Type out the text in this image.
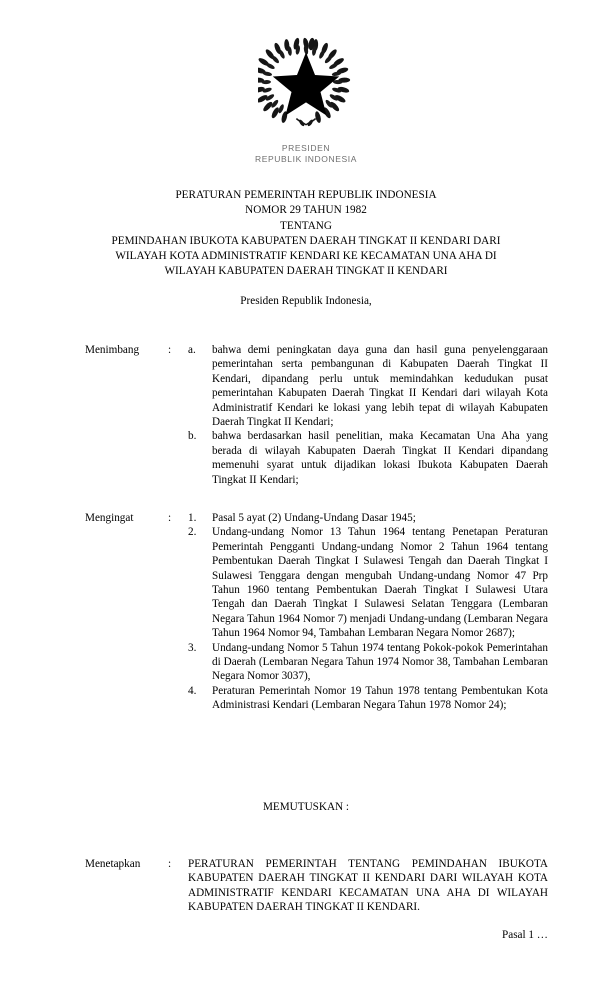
PRESIDEN
REPUBLIK INDONESIA
PERATURAN PEMERINTAH REPUBLIK INDONESIA
NOMOR 29 TAHUN 1982
TENTANG
PEMINDAHAN IBUKOTA KABUPATEN DAERAH TINGKAT II KENDARI DARI
WILAYAH KOTA ADMINISTRATIF KENDARI KE KECAMATAN UNA AHA DI
WILAYAH KABUPATEN DAERAH TINGKAT II KENDARI
Presiden Republik Indonesia,
Menimbang	:	a.	bahwa demi peningkatan daya guna dan hasil guna penyelenggaraan pemerintahan serta pembangunan di Kabupaten Daerah Tingkat II Kendari, dipandang perlu untuk memindahkan kedudukan pusat pemerintahan Kabupaten Daerah Tingkat II Kendari dari wilayah Kota Administratif Kendari ke lokasi yang lebih tepat di wilayah Kabupaten Daerah Tingkat II Kendari;
b.	bahwa berdasarkan hasil penelitian, maka Kecamatan Una Aha yang berada di wilayah Kabupaten Daerah Tingkat II Kendari dipandang memenuhi syarat untuk dijadikan lokasi Ibukota Kabupaten Daerah Tingkat II Kendari;
Mengingat	:	1.	Pasal 5 ayat (2) Undang-Undang Dasar 1945;
2.	Undang-undang Nomor 13 Tahun 1964 tentang Penetapan Peraturan Pemerintah Pengganti Undang-undang Nomor 2 Tahun 1964 tentang Pembentukan Daerah Tingkat I Sulawesi Tengah dan Daerah Tingkat I Sulawesi Tenggara dengan mengubah Undang-undang Nomor 47 Prp Tahun 1960 tentang Pembentukan Daerah Tingkat I Sulawesi Utara Tengah dan Daerah Tingkat I Sulawesi Selatan Tenggara (Lembaran Negara Tahun 1964 Nomor 7) menjadi Undang-undang (Lembaran Negara Tahun 1964 Nomor 94, Tambahan Lembaran Negara Nomor 2687);
3.	Undang-undang Nomor 5 Tahun 1974 tentang Pokok-pokok Pemerintahan di Daerah (Lembaran Negara Tahun 1974 Nomor 38, Tambahan Lembaran Negara Nomor 3037),
4.	Peraturan Pemerintah Nomor 19 Tahun 1978 tentang Pembentukan Kota Administrasi Kendari (Lembaran Negara Tahun 1978 Nomor 24);
MEMUTUSKAN :
Menetapkan	:	PERATURAN PEMERINTAH TENTANG PEMINDAHAN IBUKOTA KABUPATEN DAERAH TINGKAT II KENDARI DARI WILAYAH KOTA ADMINISTRATIF KENDARI KECAMATAN UNA AHA DI WILAYAH KABUPATEN DAERAH TINGKAT II KENDARI.
Pasal 1 …
